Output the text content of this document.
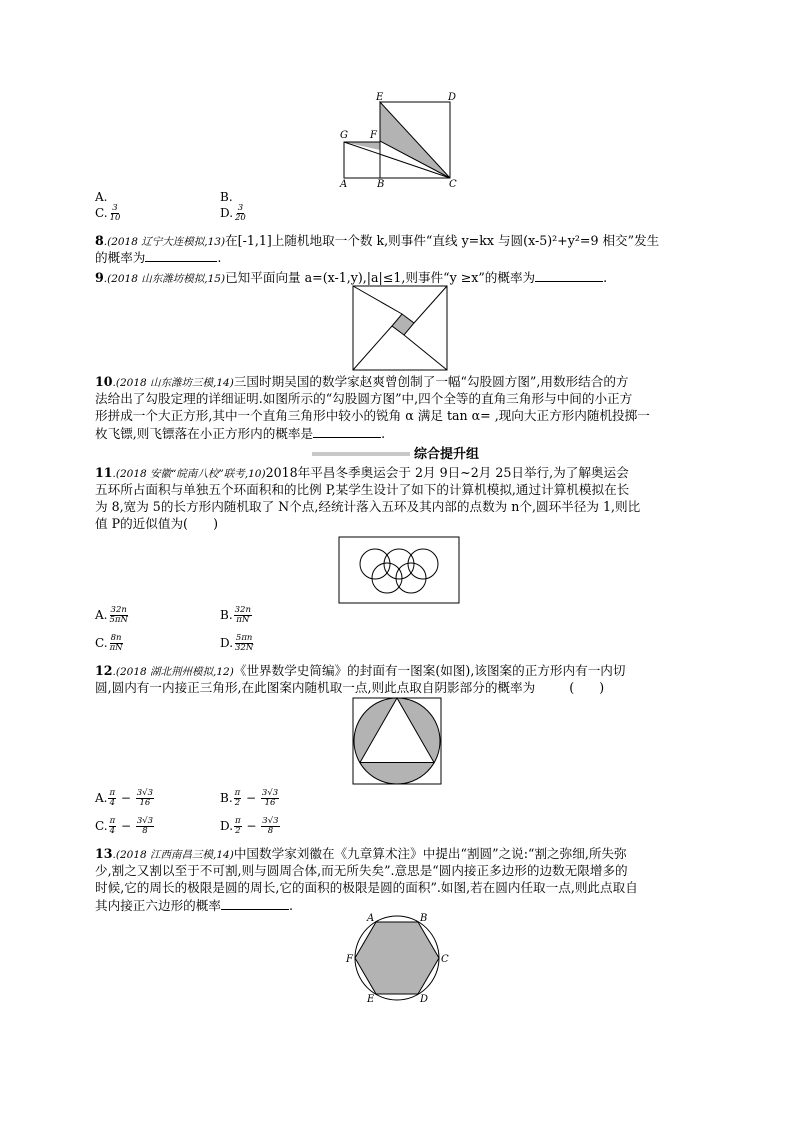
E	D
G F
A	B	C
A.	B.
C. $\frac{3}{10}$	D. $\frac{3}{20}$
8.(2018 辽宁大连模拟,13)在[-1,1]上随机地取一个数 k,则事件“直线 y=kx 与圆(x-5)²+y²=9 相交”发生
的概率为	.
9.(2018 山东潍坊模拟,15)已知平面向量 a=(x-1,y),|a|≤1,则事件“y ≥x”的概率为	.
10.(2018 山东潍坊三模,14)三国时期吴国的数学家赵爽曾创制了一幅“勾股圆方图”,用数形结合的方
法给出了勾股定理的详细证明.如图所示的“勾股圆方图”中,四个全等的直角三角形与中间的小正方
形拼成一个大正方形,其中一个直角三角形中较小的锐角 α 满足 tan α= ,现向大正方形内随机投掷一
枚飞镖,则飞镖落在小正方形内的概率是	.
综合提升组
11.(2018 安徽“皖南八校”联考,10)2018年平昌冬季奥运会于 2月 9日~2月 25日举行,为了解奥运会
五环所占面积与单独五个环面积和的比例 P,某学生设计了如下的计算机模拟,通过计算机模拟在长
为 8,宽为 5的长方形内随机取了 N个点,经统计落入五环及其内部的点数为 n个,圆环半径为 1,则比
值 P的近似值为(　　)
A. $\frac{32n}{5\pi N}$	B. $\frac{32n}{\pi N}$
C. $\frac{8n}{\pi N}$	D. $\frac{5\pi n}{32N}$
12.(2018 湖北荆州模拟,12)《世界数学史简编》的封面有一图案(如图),该图案的正方形内有一内切
圆,圆内有一内接正三角形,在此图案内随机取一点,则此点取自阴影部分的概率为	(　　)
A. $\frac{\pi}{4} - \frac{3√3}{16}$	B. $\frac{\pi}{2} - \frac{3√3}{16}$
C. $\frac{\pi}{4} - \frac{3√3}{8}$	D. $\frac{\pi}{2} - \frac{3√3}{8}$
13.(2018 江西南昌三模,14)中国数学家刘徽在《九章算术注》中提出“割圆”之说:“割之弥细,所失弥
少,割之又割以至于不可割,则与圆周合体,而无所失矣”.意思是“圆内接正多边形的边数无限增多的
时候,它的周长的极限是圆的周长,它的面积的极限是圆的面积”.如图,若在圆内任取一点,则此点取自
其内接正六边形的概率	.
A	B
F	C
E	D
